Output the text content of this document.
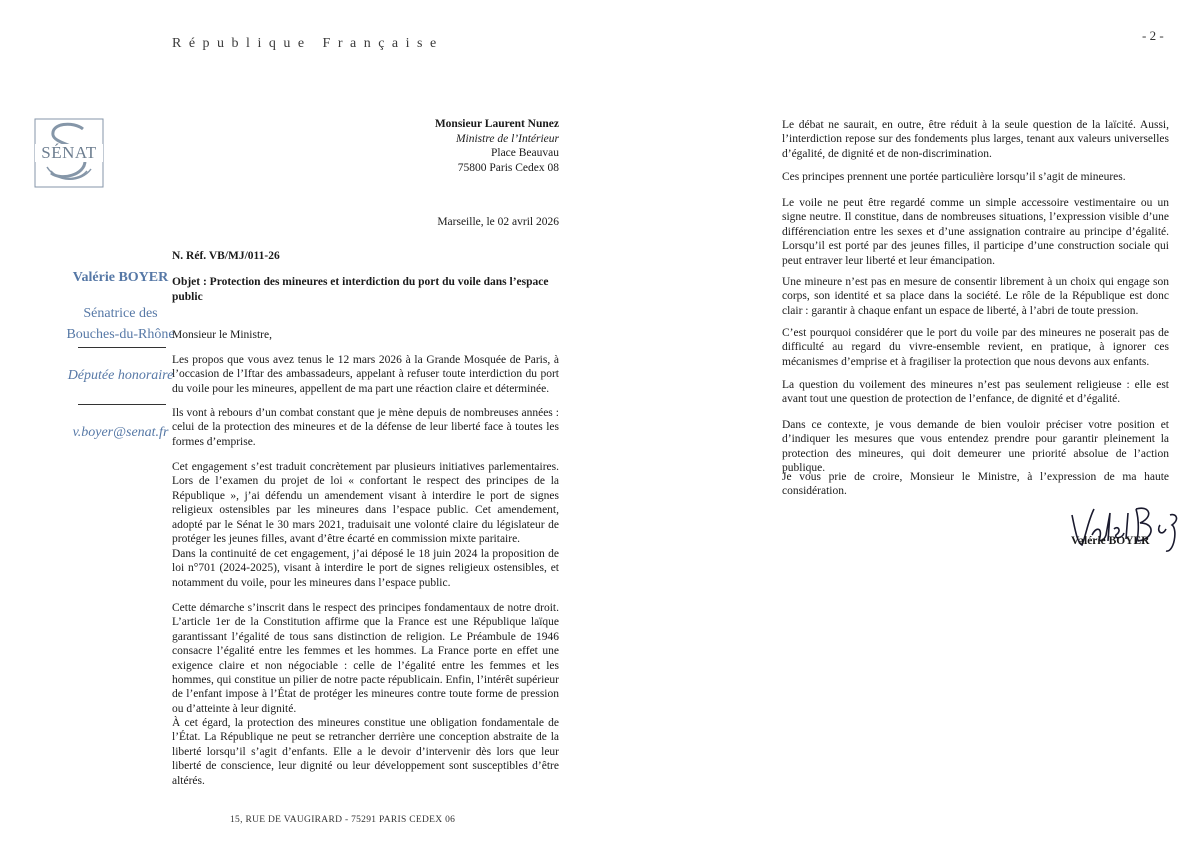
République Française
- 2 -
SÉNAT
Valérie BOYER
Sénatrice des
Bouches-du-Rhône
Députée honoraire
v.boyer@senat.fr
Monsieur Laurent Nunez
Ministre de l’Intérieur
Place Beauvau
75800 Paris Cedex 08
Marseille, le 02 avril 2026
N. Réf. VB/MJ/011-26
Objet : Protection des mineures et interdiction du port du voile dans l’espace public
Monsieur le Ministre,
Les propos que vous avez tenus le 12 mars 2026 à la Grande Mosquée de Paris, à l’occasion de l’Iftar des ambassadeurs, appelant à refuser toute interdiction du port du voile pour les mineures, appellent de ma part une réaction claire et déterminée.
Ils vont à rebours d’un combat constant que je mène depuis de nombreuses années : celui de la protection des mineures et de la défense de leur liberté face à toutes les formes d’emprise.
Cet engagement s’est traduit concrètement par plusieurs initiatives parlementaires. Lors de l’examen du projet de loi « confortant le respect des principes de la République », j’ai défendu un amendement visant à interdire le port de signes religieux ostensibles par les mineures dans l’espace public. Cet amendement, adopté par le Sénat le 30 mars 2021, traduisait une volonté claire du législateur de protéger les jeunes filles, avant d’être écarté en commission mixte paritaire.
Dans la continuité de cet engagement, j’ai déposé le 18 juin 2024 la proposition de loi n°701 (2024-2025), visant à interdire le port de signes religieux ostensibles, et notamment du voile, pour les mineures dans l’espace public.
Cette démarche s’inscrit dans le respect des principes fondamentaux de notre droit. L’article 1er de la Constitution affirme que la France est une République laïque garantissant l’égalité de tous sans distinction de religion. Le Préambule de 1946 consacre l’égalité entre les femmes et les hommes. La France porte en effet une exigence claire et non négociable : celle de l’égalité entre les femmes et les hommes, qui constitue un pilier de notre pacte républicain. Enfin, l’intérêt supérieur de l’enfant impose à l’État de protéger les mineures contre toute forme de pression ou d’atteinte à leur dignité.
À cet égard, la protection des mineures constitue une obligation fondamentale de l’État. La République ne peut se retrancher derrière une conception abstraite de la liberté lorsqu’il s’agit d’enfants. Elle a le devoir d’intervenir dès lors que leur liberté de conscience, leur dignité ou leur développement sont susceptibles d’être altérés.
Le débat ne saurait, en outre, être réduit à la seule question de la laïcité. Aussi, l’interdiction repose sur des fondements plus larges, tenant aux valeurs universelles d’égalité, de dignité et de non-discrimination.
Ces principes prennent une portée particulière lorsqu’il s’agit de mineures.
Le voile ne peut être regardé comme un simple accessoire vestimentaire ou un signe neutre. Il constitue, dans de nombreuses situations, l’expression visible d’une différenciation entre les sexes et d’une assignation contraire au principe d’égalité. Lorsqu’il est porté par des jeunes filles, il participe d’une construction sociale qui peut entraver leur liberté et leur émancipation.
Une mineure n’est pas en mesure de consentir librement à un choix qui engage son corps, son identité et sa place dans la société. Le rôle de la République est donc clair : garantir à chaque enfant un espace de liberté, à l’abri de toute pression.
C’est pourquoi considérer que le port du voile par des mineures ne poserait pas de difficulté au regard du vivre-ensemble revient, en pratique, à ignorer ces mécanismes d’emprise et à fragiliser la protection que nous devons aux enfants.
La question du voilement des mineures n’est pas seulement religieuse : elle est avant tout une question de protection de l’enfance, de dignité et d’égalité.
Dans ce contexte, je vous demande de bien vouloir préciser votre position et d’indiquer les mesures que vous entendez prendre pour garantir pleinement la protection des mineures, qui doit demeurer une priorité absolue de l’action publique.
Je vous prie de croire, Monsieur le Ministre, à l’expression de ma haute considération.
Valérie BOYER
15, RUE DE VAUGIRARD - 75291 PARIS CEDEX 06
